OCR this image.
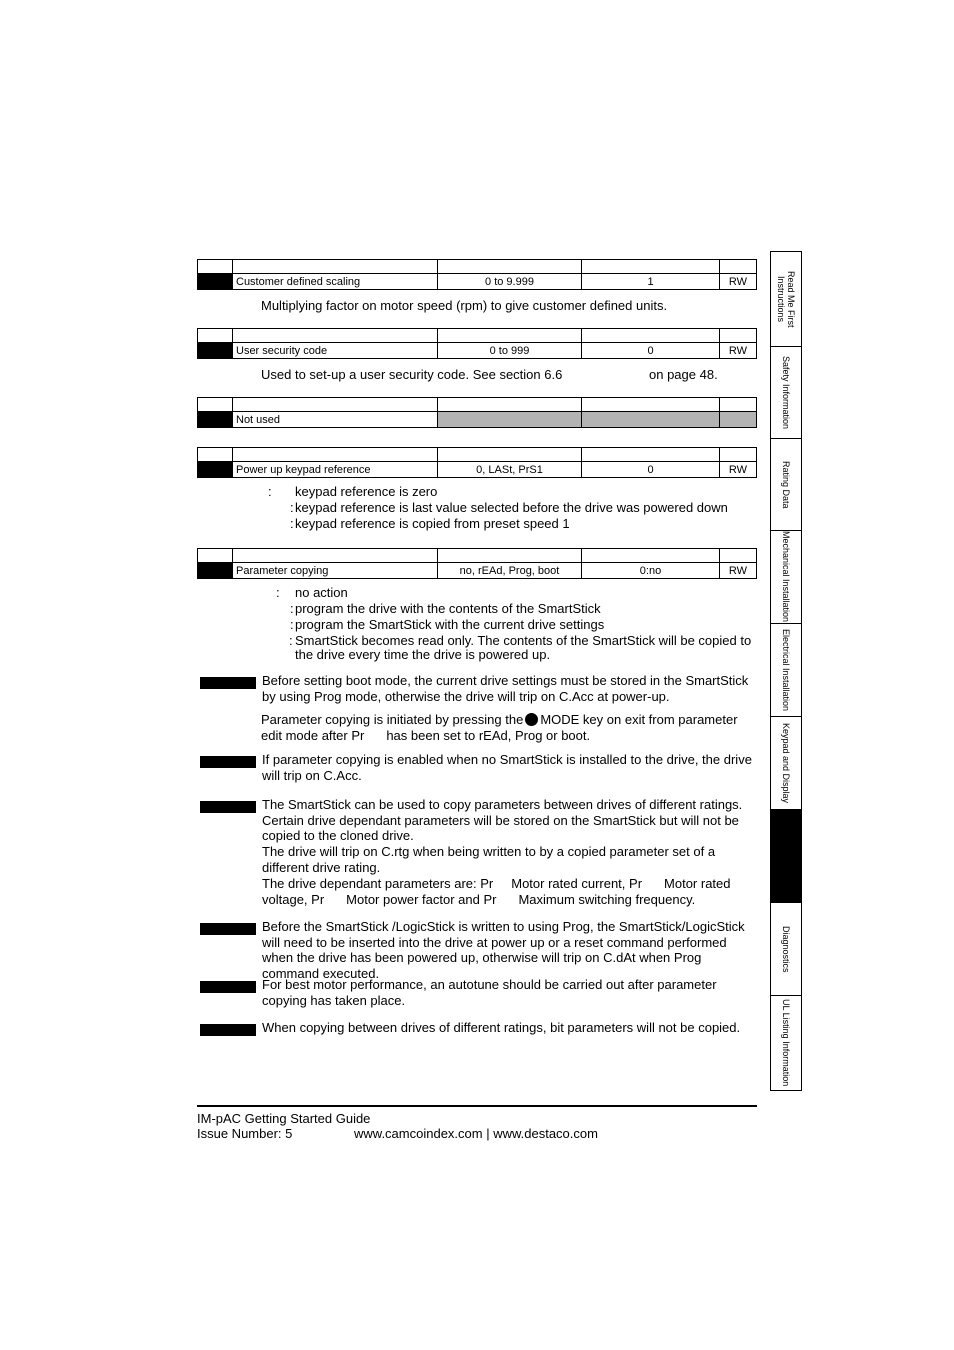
	Customer defined scaling	0 to 9.999	1	RW
Multiplying factor on motor speed (rpm) to give customer defined units.

	User security code	0 to 999	0	RW
Used to set-up a user security code. See section 6.6	on page 48.

	Not used			

	Power up keypad reference	0, LASt, PrS1	0	RW
: keypad reference is zero
: keypad reference is last value selected before the drive was powered down
: keypad reference is copied from preset speed 1

	Parameter copying	no, rEAd, Prog, boot	0:no	RW
: no action
: program the drive with the contents of the SmartStick
: program the SmartStick with the current drive settings
: SmartStick becomes read only. The contents of the SmartStick will be copied to
the drive every time the drive is powered up.
Before setting boot mode, the current drive settings must be stored in the SmartStick by using Prog mode, otherwise the drive will trip on C.Acc at power-up.
Parameter copying is initiated by pressing the MODE key on exit from parameter edit mode after Pr has been set to rEAd, Prog or boot.
If parameter copying is enabled when no SmartStick is installed to the drive, the drive will trip on C.Acc.
The SmartStick can be used to copy parameters between drives of different ratings. Certain drive dependant parameters will be stored on the SmartStick but will not be copied to the cloned drive.
The drive will trip on C.rtg when being written to by a copied parameter set of a different drive rating.
The drive dependant parameters are: Pr Motor rated current, Pr Motor rated
voltage, Pr Motor power factor and Pr Maximum switching frequency.
Before the SmartStick /LogicStick is written to using Prog, the SmartStick/LogicStick will need to be inserted into the drive at power up or a reset command performed when the drive has been powered up, otherwise will trip on C.dAt when Prog command executed.
For best motor performance, an autotune should be carried out after parameter copying has taken place.
When copying between drives of different ratings, bit parameters will not be copied.
Read Me First Instructions
Safety Information
Rating Data
Mechanical Installation
Electrical Installation
Keypad and Display
Diagnostics
UL Listing Information
IM-pAC Getting Started Guide
Issue Number: 5	www.camcoindex.com | www.destaco.com
